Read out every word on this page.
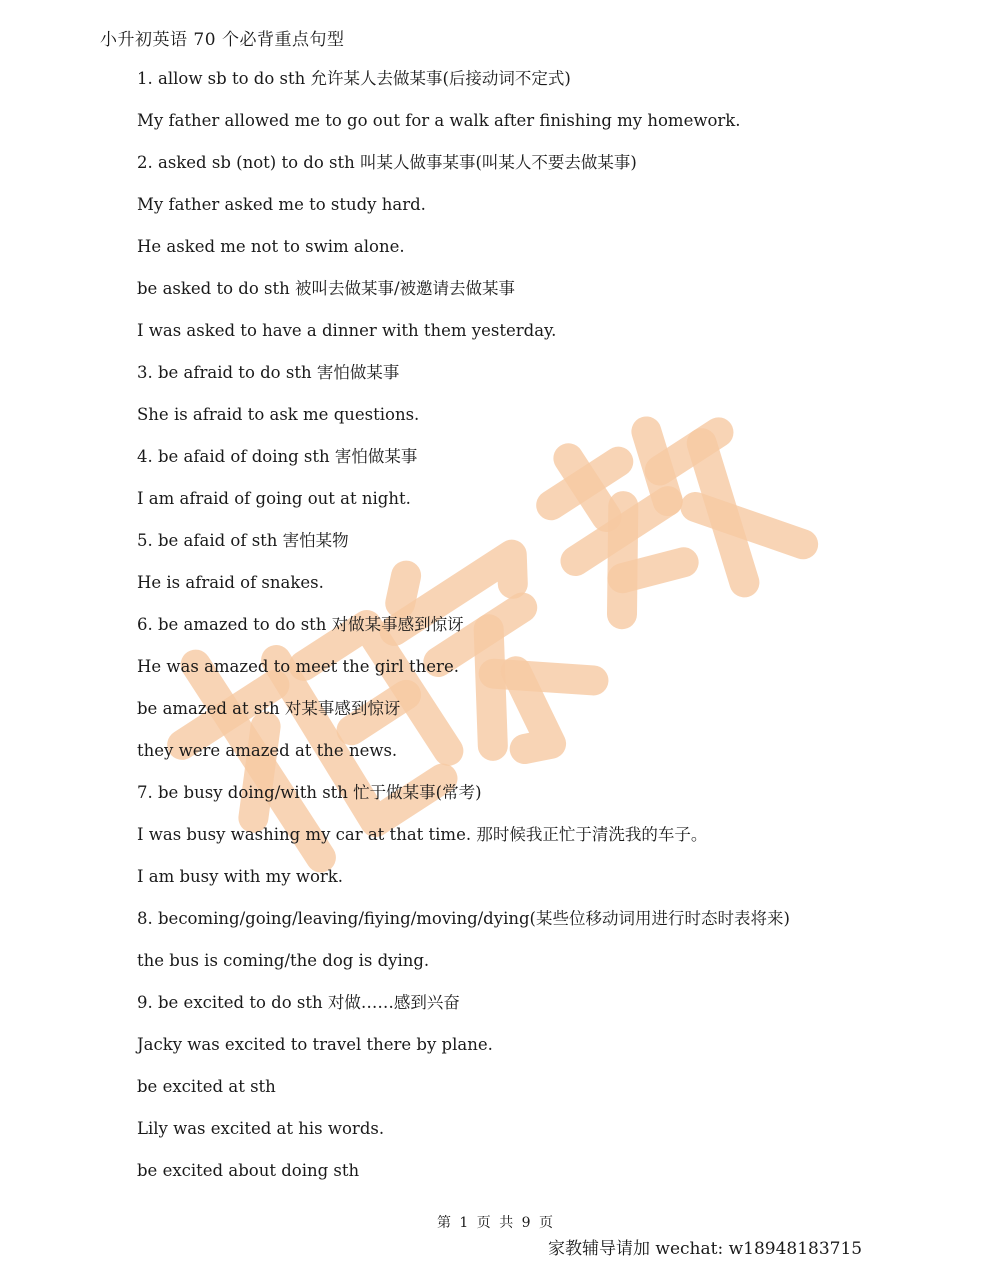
小升初英语 70 个必背重点句型
1. allow sb to do sth 允许某人去做某事(后接动词不定式)
My father allowed me to go out for a walk after finishing my homework.
2. asked sb (not) to do sth 叫某人做事某事(叫某人不要去做某事)
My father asked me to study hard.
He asked me not to swim alone.
be asked to do sth 被叫去做某事/被邀请去做某事
I was asked to have a dinner with them yesterday.
3. be afraid to do sth 害怕做某事
She is afraid to ask me questions.
4. be afaid of doing sth 害怕做某事
I am afraid of going out at night.
5. be afaid of sth 害怕某物
He is afraid of snakes.
6. be amazed to do sth 对做某事感到惊讶
He was amazed to meet the girl there.
be amazed at sth 对某事感到惊讶
they were amazed at the news.
7. be busy doing/with sth 忙于做某事(常考)
I was busy washing my car at that time. 那时候我正忙于清洗我的车子。
I am busy with my work.
8. becoming/going/leaving/fiying/moving/dying(某些位移动词用进行时态时表将来)
the bus is coming/the dog is dying.
9. be excited to do sth 对做……感到兴奋
Jacky was excited to travel there by plane.
be excited at sth
Lily was excited at his words.
be excited about doing sth
第 1 页 共 9 页
家教辅导请加 wechat: w18948183715
